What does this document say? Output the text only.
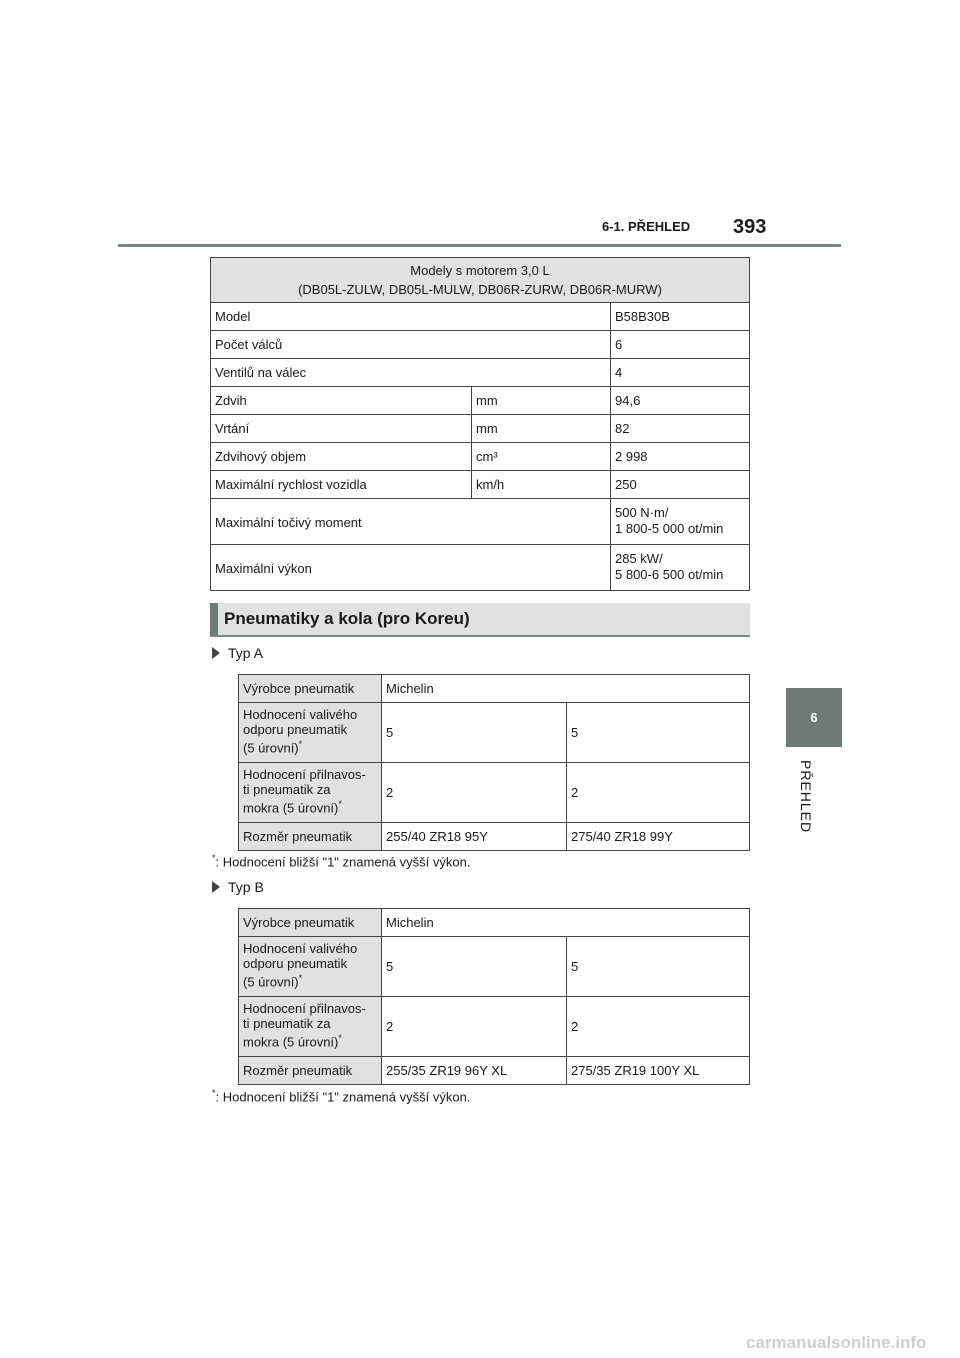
6-1. PŘEHLED 393
6
PŘEHLED
Modely s motorem 3,0 L
(DB05L-ZULW, DB05L-MULW, DB06R-ZURW, DB06R-MURW)		
Model		B58B30B
Počet válců		6
Ventilů na válec		4
Zdvih	mm	94,6
Vrtání	mm	82
Zdvihový objem	cm³	2 998
Maximální rychlost vozidla	km/h	250
Maximální točivý moment		500 N·m/
1 800-5 000 ot/min
Maximální výkon		285 kW/
5 800-6 500 ot/min
Pneumatiky a kola (pro Koreu)
Typ A
Výrobce pneumatik	Michelin	
Hodnocení valivého
odporu pneumatik
(5 úrovní)*	5	5
Hodnocení přilnavos-
ti pneumatik za
mokra (5 úrovní)*	2	2
Rozměr pneumatik	255/40 ZR18 95Y	275/40 ZR18 99Y
*: Hodnocení bližší "1" znamená vyšší výkon.
Typ B
Výrobce pneumatik	Michelin	
Hodnocení valivého
odporu pneumatik
(5 úrovní)*	5	5
Hodnocení přilnavos-
ti pneumatik za
mokra (5 úrovní)*	2	2
Rozměr pneumatik	255/35 ZR19 96Y XL	275/35 ZR19 100Y XL
*: Hodnocení bližší "1" znamená vyšší výkon.
carmanualsonline.info
